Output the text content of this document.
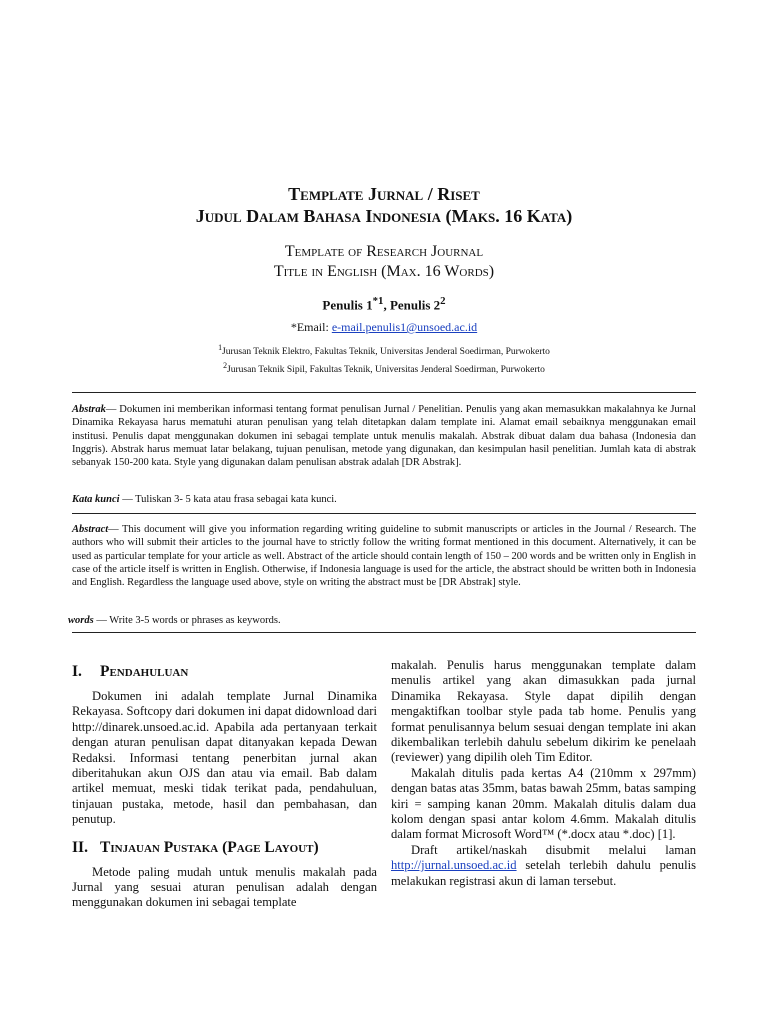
Template Jurnal / Riset
Judul Dalam Bahasa Indonesia (Maks. 16 Kata)
Template of Research Journal
Title in English (Max. 16 Words)
Penulis 1$^{*1}$, Penulis $2^2$
*Email: e-mail.penulis1@unsoed.ac.id
$^1$Jurusan Teknik Elektro, Fakultas Teknik, Universitas Jenderal Soedirman, Purwokerto
$^2$Jurusan Teknik Sipil, Fakultas Teknik, Universitas Jenderal Soedirman, Purwokerto
Abstrak— Dokumen ini memberikan informasi tentang format penulisan Jurnal / Penelitian. Penulis yang akan memasukkan makalahnya ke Jurnal Dinamika Rekayasa harus mematuhi aturan penulisan yang telah ditetapkan dalam template ini. Alamat email sebaiknya menggunakan email institusi. Penulis dapat menggunakan dokumen ini sebagai template untuk menulis makalah. Abstrak dibuat dalam dua bahasa (Indonesia dan Inggris). Abstrak harus memuat latar belakang, tujuan penulisan, metode yang digunakan, dan kesimpulan hasil penelitian. Jumlah kata di abstrak sebanyak 150-200 kata. Style yang digunakan dalam penulisan abstrak adalah [DR Abstrak].
Kata kunci — Tuliskan 3- 5 kata atau frasa sebagai kata kunci.
Abstract— This document will give you information regarding writing guideline to submit manuscripts or articles in the Journal / Research. The authors who will submit their articles to the journal have to strictly follow the writing format mentioned in this document. Alternatively, it can be used as particular template for your article as well. Abstract of the article should contain length of 150 – 200 words and be written only in English in case of the article itself is written in English. Otherwise, if Indonesia language is used for the article, the abstract should be written both in Indonesia and English. Regardless the language used above, style on writing the abstract must be [DR Abstrak] style.
words — Write 3-5 words or phrases as keywords.
I.	Pendahuluan

Dokumen ini adalah template Jurnal Dinamika Rekayasa. Softcopy dari dokumen ini dapat didownload dari http://dinarek.unsoed.ac.id. Apabila ada pertanyaan terkait dengan aturan penulisan dapat ditanyakan kepada Dewan Redaksi. Informasi tentang penerbitan jurnal akan diberitahukan akun OJS dan atau via email. Bab dalam artikel memuat, meski tidak terikat pada, pendahuluan, tinjauan pustaka, metode, hasil dan pembahasan, dan penutup.

II. Tinjauan Pustaka (Page Layout)

Metode paling mudah untuk menulis makalah pada Jurnal yang sesuai aturan penulisan adalah dengan menggunakan dokumen ini sebagai template

makalah. Penulis harus menggunakan template dalam menulis artikel yang akan dimasukkan pada jurnal Dinamika Rekayasa. Style dapat dipilih dengan mengaktifkan toolbar style pada tab home. Penulis yang format penulisannya belum sesuai dengan template ini akan dikembalikan terlebih dahulu sebelum dikirim ke penelaah (reviewer) yang dipilih oleh Tim Editor.

Makalah ditulis pada kertas A4 (210mm x 297mm) dengan batas atas 35mm, batas bawah 25mm, batas samping kiri = samping kanan 20mm. Makalah ditulis dalam dua kolom dengan spasi antar kolom 4.6mm. Makalah ditulis dalam format Microsoft Word™ (*.docx atau *.doc) [1].

Draft artikel/naskah disubmit melalui laman http://jurnal.unsoed.ac.id setelah terlebih dahulu penulis melakukan registrasi akun di laman tersebut.
